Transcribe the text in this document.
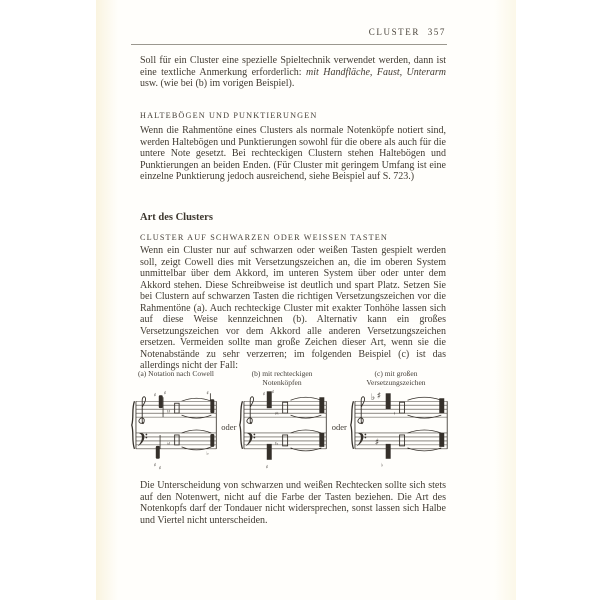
CLUSTER 357

Soll für ein Cluster eine spezielle Spieltechnik verwendet werden, dann ist eine textliche Anmerkung erforderlich: mit Handfläche, Faust, Unterarm usw. (wie bei (b) im vorigen Beispiel).

HALTEBÖGEN UND PUNKTIERUNGEN

Wenn die Rahmentöne eines Clusters als normale Notenköpfe notiert sind, werden Haltebögen und Punktierungen sowohl für die obere als auch für die untere Note gesetzt. Bei rechteckigen Clustern stehen Haltebögen und Punktierungen an beiden Enden. (Für Cluster mit geringem Umfang ist eine einzelne Punktierung jedoch ausreichend, siehe Beispiel auf S. 723.)

Art des Clusters
CLUSTER AUF SCHWARZEN ODER WEISSEN TASTEN

Wenn ein Cluster nur auf schwarzen oder weißen Tasten gespielt werden soll, zeigt Cowell dies mit Versetzungszeichen an, die im oberen System unmittelbar über dem Akkord, im unteren System über oder unter dem Akkord stehen. Diese Schreibweise ist deutlich und spart Platz. Setzen Sie bei Clustern auf schwarzen Tasten die richtigen Versetzungszeichen vor die Rahmentöne (a). Auch rechteckige Cluster mit exakter Tonhöhe lassen sich auf diese Weise kennzeichnen (b). Alternativ kann ein großes Versetzungszeichen vor dem Akkord alle anderen Versetzungszeichen ersetzen. Vermeiden sollte man große Zeichen dieser Art, wenn sie die Notenabstände zu sehr verzerren; im folgenden Beispiel (c) ist das allerdings nicht der Fall:

(a) Notation nach Cowell	(b) mit rechteckigen
Notenköpfen
(c) mit großen
Versetzungszeichen
♯ ♯
♮♯
♯
♯ ♯
♭♮
♭
oder
♯ ♯
♯♮
♯
♮♭
oder
♭ ♯
♮
♯
♭

Die Unterscheidung von schwarzen und weißen Rechtecken sollte sich stets auf den Notenwert, nicht auf die Farbe der Tasten beziehen. Die Art des Notenkopfs darf der Tondauer nicht widersprechen, sonst lassen sich Halbe und Viertel nicht unterscheiden.
